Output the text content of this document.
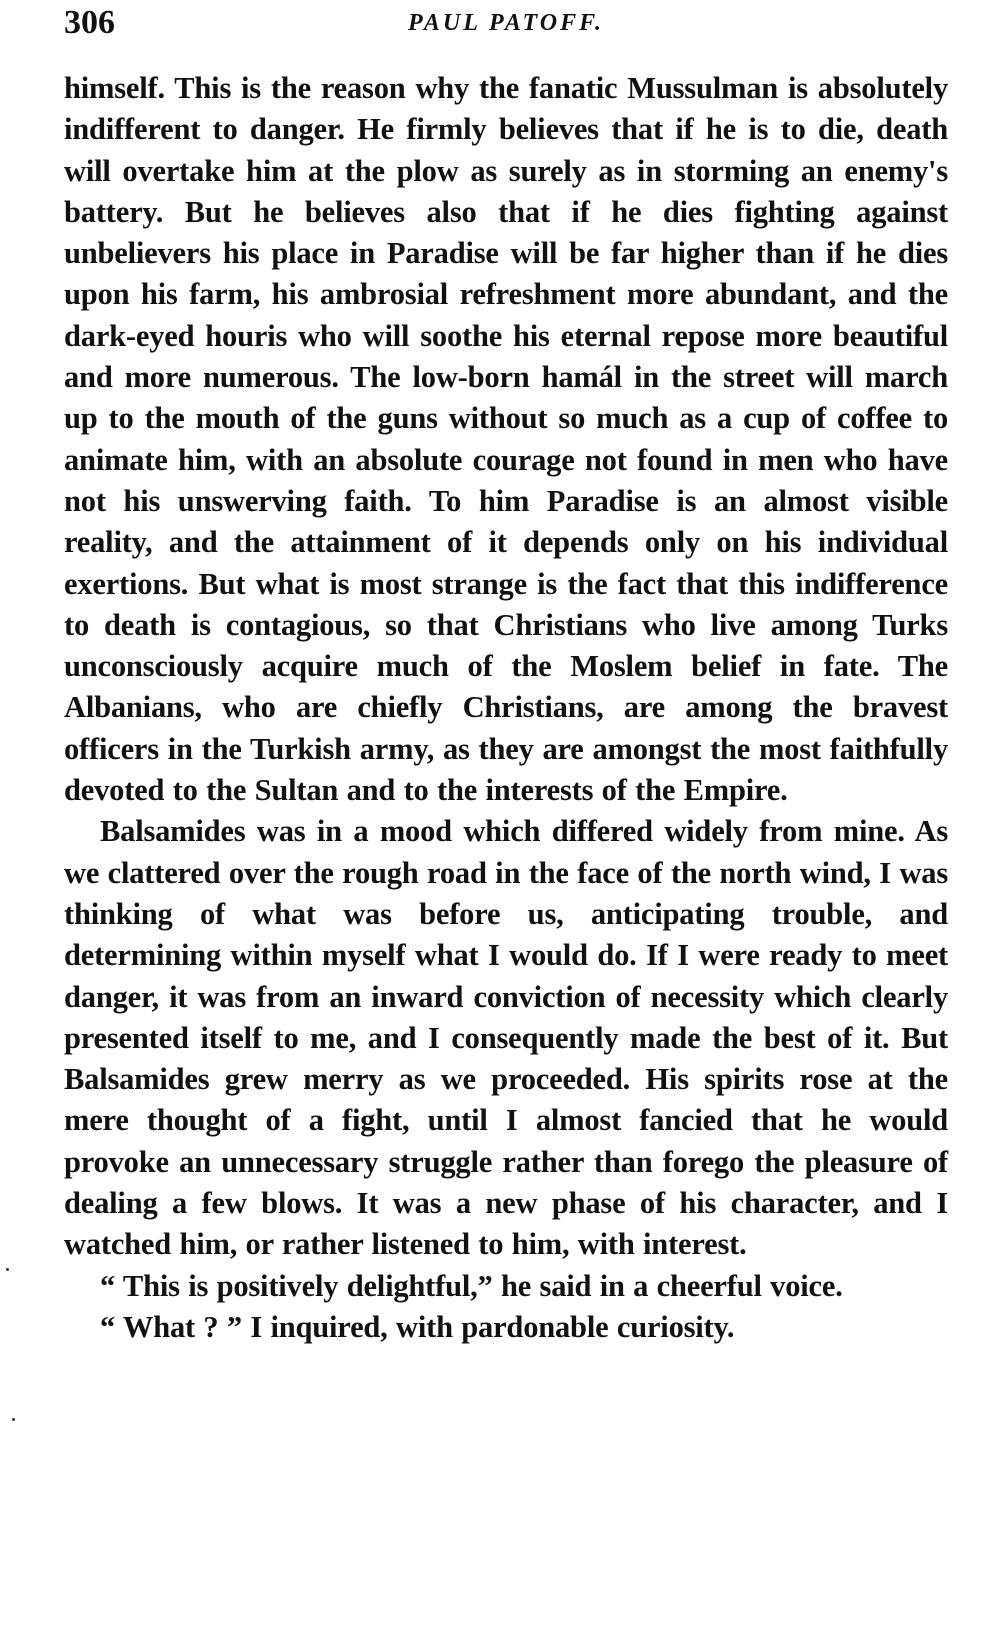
306	PAUL PATOFF.

himself. This is the reason why the fanatic Mussulman is absolutely indifferent to danger. He firmly believes that if he is to die, death will overtake him at the plow as surely as in storming an enemy's battery. But he believes also that if he dies fighting against unbelievers his place in Paradise will be far higher than if he dies upon his farm, his ambrosial refreshment more abundant, and the dark-eyed houris who will soothe his eternal repose more beautiful and more numerous. The low-born hamál in the street will march up to the mouth of the guns without so much as a cup of coffee to animate him, with an absolute courage not found in men who have not his unswerving faith. To him Paradise is an almost visible reality, and the attainment of it depends only on his individual exertions. But what is most strange is the fact that this indifference to death is contagious, so that Christians who live among Turks unconsciously acquire much of the Moslem belief in fate. The Albanians, who are chiefly Christians, are among the bravest officers in the Turkish army, as they are amongst the most faithfully devoted to the Sultan and to the interests of the Empire.

Balsamides was in a mood which differed widely from mine. As we clattered over the rough road in the face of the north wind, I was thinking of what was before us, anticipating trouble, and determining within myself what I would do. If I were ready to meet danger, it was from an inward conviction of necessity which clearly presented itself to me, and I consequently made the best of it. But Balsamides grew merry as we proceeded. His spirits rose at the mere thought of a fight, until I almost fancied that he would provoke an unnecessary struggle rather than forego the pleasure of dealing a few blows. It was a new phase of his character, and I watched him, or rather listened to him, with interest.

“ This is positively delightful,” he said in a cheerful voice.

“ What ? ” I inquired, with pardonable curiosity.
